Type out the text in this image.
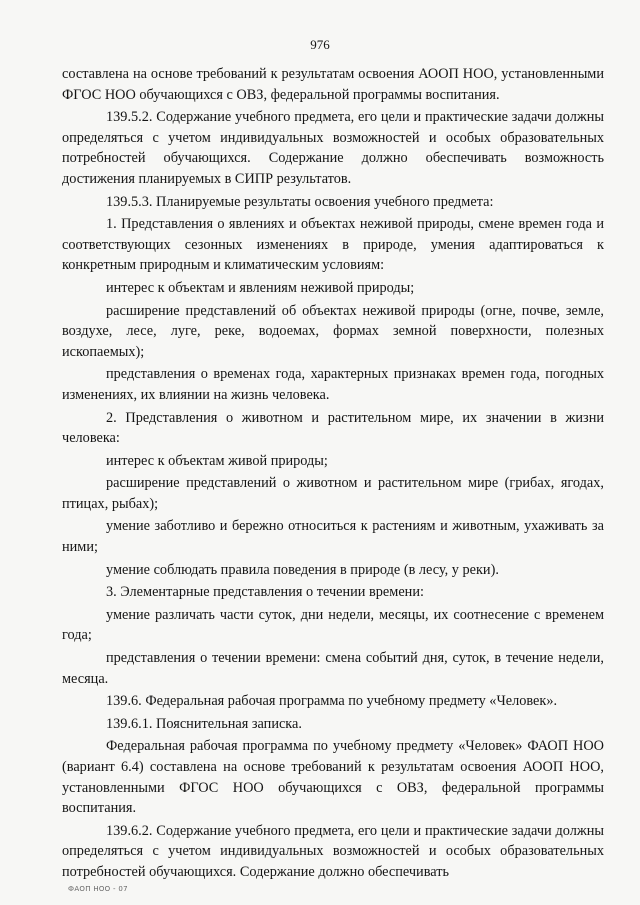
976

составлена на основе требований к результатам освоения АООП НОО, установленными ФГОС НОО обучающихся с ОВЗ, федеральной программы воспитания.

139.5.2. Содержание учебного предмета, его цели и практические задачи должны определяться с учетом индивидуальных возможностей и особых образовательных потребностей обучающихся. Содержание должно обеспечивать возможность достижения планируемых в СИПР результатов.

139.5.3. Планируемые результаты освоения учебного предмета:

1. Представления о явлениях и объектах неживой природы, смене времен года и соответствующих сезонных изменениях в природе, умения адаптироваться к конкретным природным и климатическим условиям:

интерес к объектам и явлениям неживой природы;

расширение представлений об объектах неживой природы (огне, почве, земле, воздухе, лесе, луге, реке, водоемах, формах земной поверхности, полезных ископаемых);

представления о временах года, характерных признаках времен года, погодных изменениях, их влиянии на жизнь человека.

2. Представления о животном и растительном мире, их значении в жизни человека:

интерес к объектам живой природы;

расширение представлений о животном и растительном мире (грибах, ягодах, птицах, рыбах);

умение заботливо и бережно относиться к растениям и животным, ухаживать за ними;

умение соблюдать правила поведения в природе (в лесу, у реки).

3. Элементарные представления о течении времени:

умение различать части суток, дни недели, месяцы, их соотнесение с временем года;

представления о течении времени: смена событий дня, суток, в течение недели, месяца.

139.6. Федеральная рабочая программа по учебному предмету «Человек».

139.6.1. Пояснительная записка.

Федеральная рабочая программа по учебному предмету «Человек» ФАОП НОО (вариант 6.4) составлена на основе требований к результатам освоения АООП НОО, установленными ФГОС НОО обучающихся с ОВЗ, федеральной программы воспитания.

139.6.2. Содержание учебного предмета, его цели и практические задачи должны определяться с учетом индивидуальных возможностей и особых образовательных потребностей обучающихся. Содержание должно обеспечивать

ФАОП НОО - 07
